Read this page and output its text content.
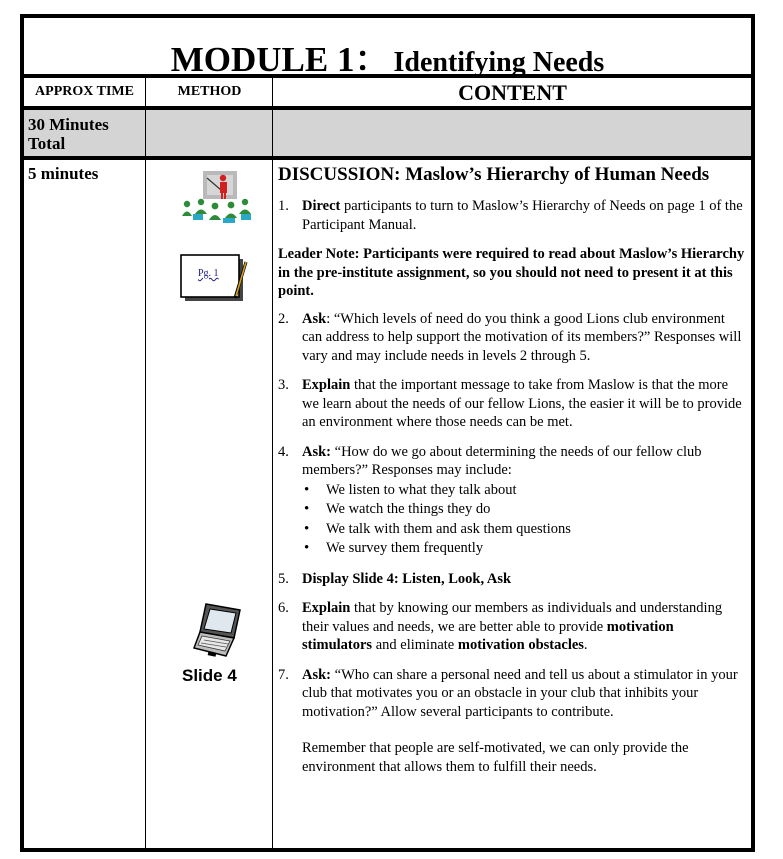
MODULE 1： Identifying Needs
APPROX TIME	METHOD	CONTENT
30 Minutes Total
5 minutes
Pg. 1
Slide 4
DISCUSSION: Maslow’s Hierarchy of Human Needs
1. Direct participants to turn to Maslow’s Hierarchy of Needs on page 1 of the Participant Manual.

Leader Note: Participants were required to read about Maslow’s Hierarchy in the pre-institute assignment, so you should not need to present it at this point.

2. Ask: “Which levels of need do you think a good Lions club environment can address to help support the motivation of its members?” Responses will vary and may include needs in levels 2 through 5.
3. Explain that the important message to take from Maslow is that the more we learn about the needs of our fellow Lions, the easier it will be to provide an environment where those needs can be met.
4. Ask: “How do we go about determining the needs of our fellow club members?” Responses may include:
• We listen to what they talk about
• We watch the things they do
• We talk with them and ask them questions
• We survey them frequently
5. Display Slide 4: Listen, Look, Ask
6. Explain that by knowing our members as individuals and understanding their values and needs, we are better able to provide motivation stimulators and eliminate motivation obstacles.
7. Ask: “Who can share a personal need and tell us about a stimulator in your club that motivates you or an obstacle in your club that inhibits your motivation?” Allow several participants to contribute.
Remember that people are self-motivated, we can only provide the environment that allows them to fulfill their needs.
